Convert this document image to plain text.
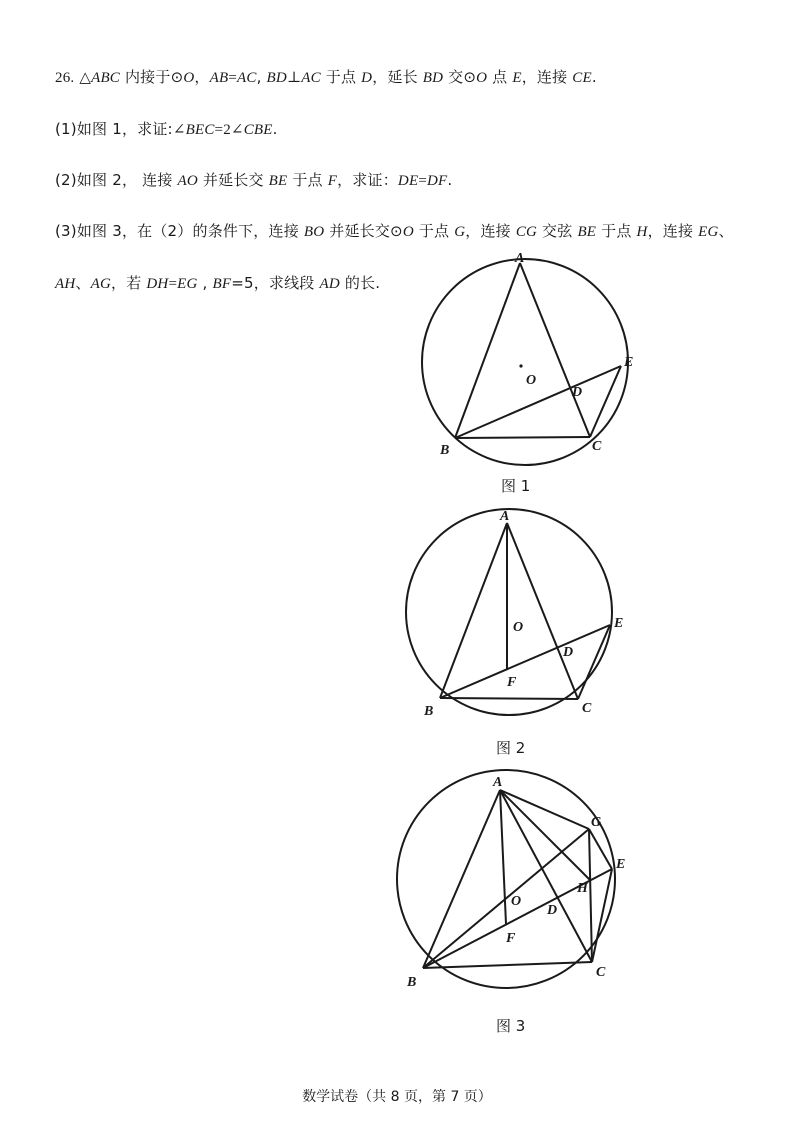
26. △ABC 内接于⊙O，AB=AC, BD⊥AC 于点 D，延长 BD 交⊙O 点 E，连接 CE.
(1)如图 1，求证:∠BEC=2∠CBE.
(2)如图 2， 连接 AO 并延长交 BE 于点 F，求证：DE=DF.
(3)如图 3，在（2）的条件下，连接 BO 并延长交⊙O 于点 G，连接 CG 交弦 BE 于点 H，连接 EG、
AH、AG，若 DH=EG , BF=5，求线段 AD 的长.
A
B	C
D
E
O
图 1
A
B	C
D
E
O
F
图 2
A
B
C
D
E
O
F
G
H
图 3
数学试卷（共 8 页，第 7 页）
